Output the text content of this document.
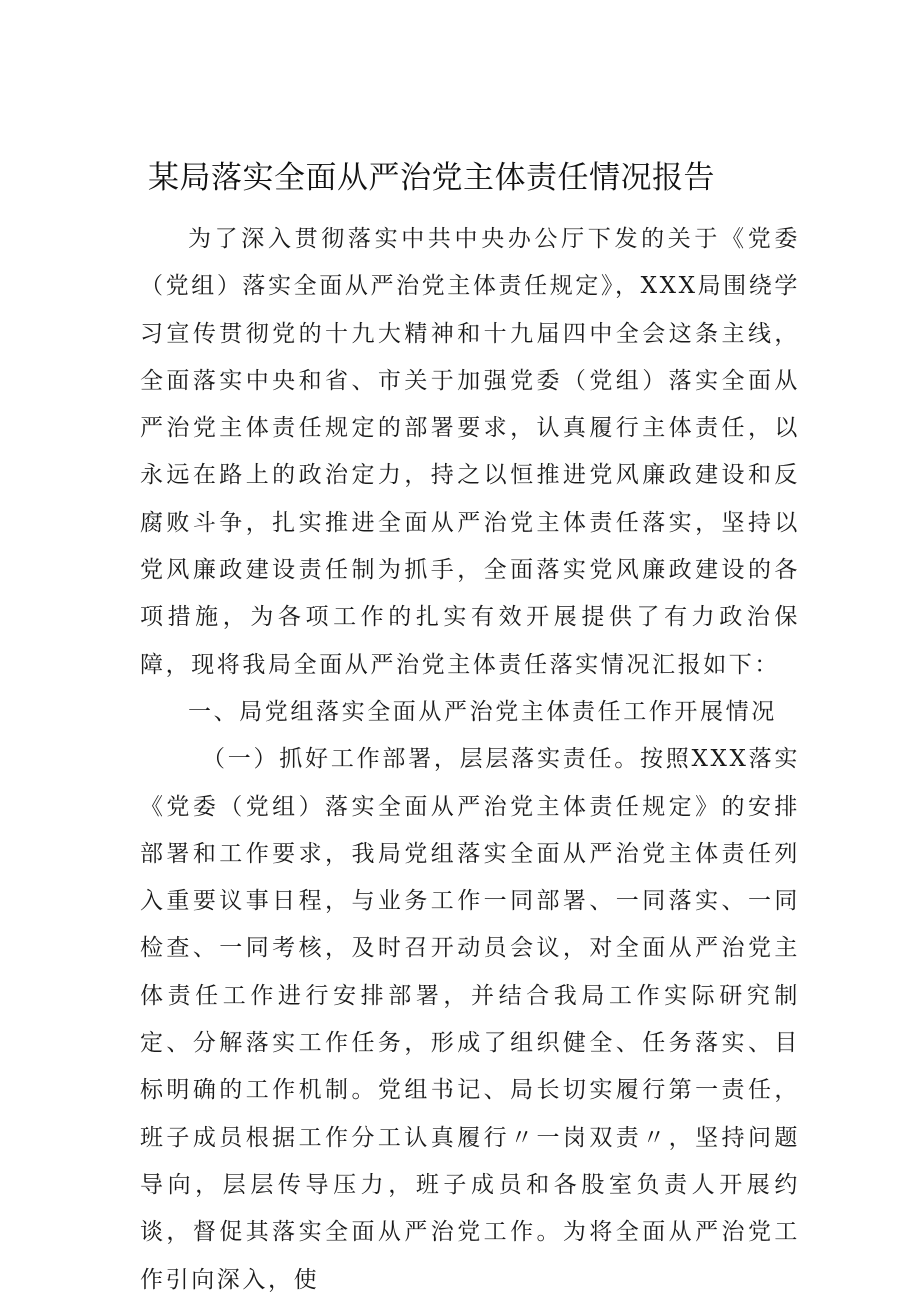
某局落实全面从严治党主体责任情况报告

为了深入贯彻落实中共中央办公厅下发的关于《党委（党组）落实全面从严治党主体责任规定》，XXX局围绕学习宣传贯彻党的十九大精神和十九届四中全会这条主线，全面落实中央和省、市关于加强党委（党组）落实全面从严治党主体责任规定的部署要求，认真履行主体责任，以永远在路上的政治定力，持之以恒推进党风廉政建设和反腐败斗争，扎实推进全面从严治党主体责任落实，坚持以党风廉政建设责任制为抓手，全面落实党风廉政建设的各项措施，为各项工作的扎实有效开展提供了有力政治保障，现将我局全面从严治党主体责任落实情况汇报如下：

一、局党组落实全面从严治党主体责任工作开展情况

（一）抓好工作部署，层层落实责任。按照XXX落实《党委（党组）落实全面从严治党主体责任规定》的安排部署和工作要求，我局党组落实全面从严治党主体责任列入重要议事日程，与业务工作一同部署、一同落实、一同检查、一同考核，及时召开动员会议，对全面从严治党主体责任工作进行安排部署，并结合我局工作实际研究制定、分解落实工作任务，形成了组织健全、任务落实、目标明确的工作机制。党组书记、局长切实履行第一责任，班子成员根据工作分工认真履行〃一岗双责〃，坚持问题导向，层层传导压力，班子成员和各股室负责人开展约谈，督促其落实全面从严治党工作。为将全面从严治党工作引向深入，使
